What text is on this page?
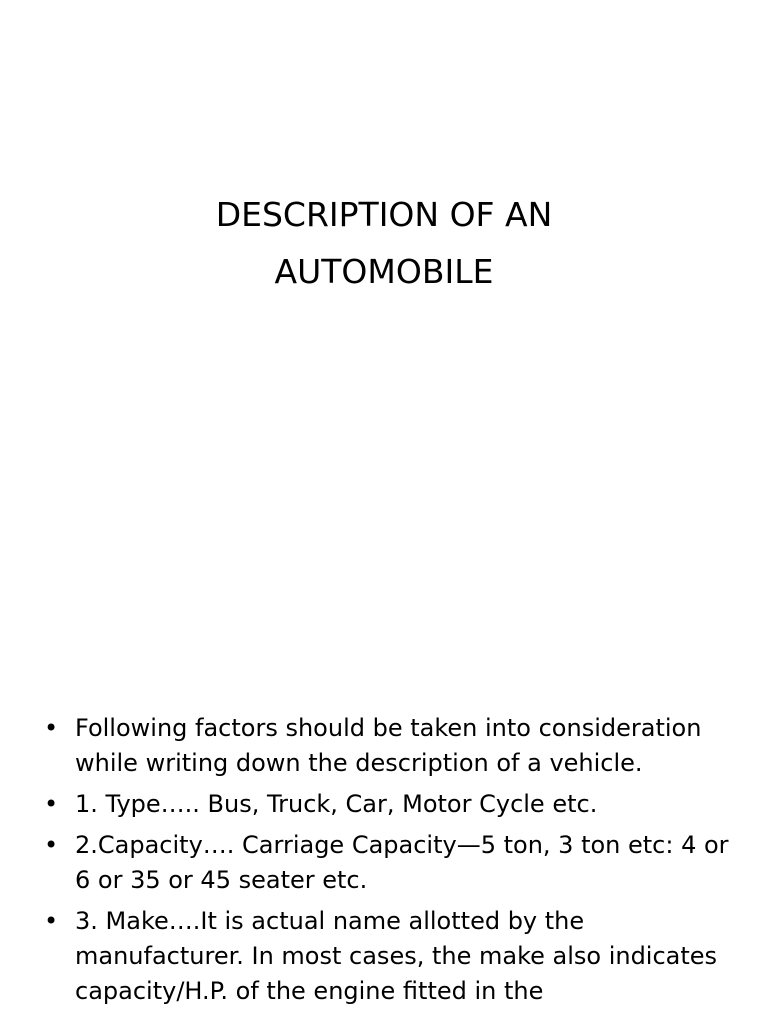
DESCRIPTION OF AN
AUTOMOBILE
• Following factors should be taken into consideration while writing down the description of a vehicle.
• 1. Type….. Bus, Truck, Car, Motor Cycle etc.
• 2.Capacity…. Carriage Capacity—5 ton, 3 ton etc: 4 or 6 or 35 or 45 seater etc.
• 3. Make….It is actual name allotted by the manufacturer. In most cases, the make also indicates capacity/H.P. of the engine fitted in the
